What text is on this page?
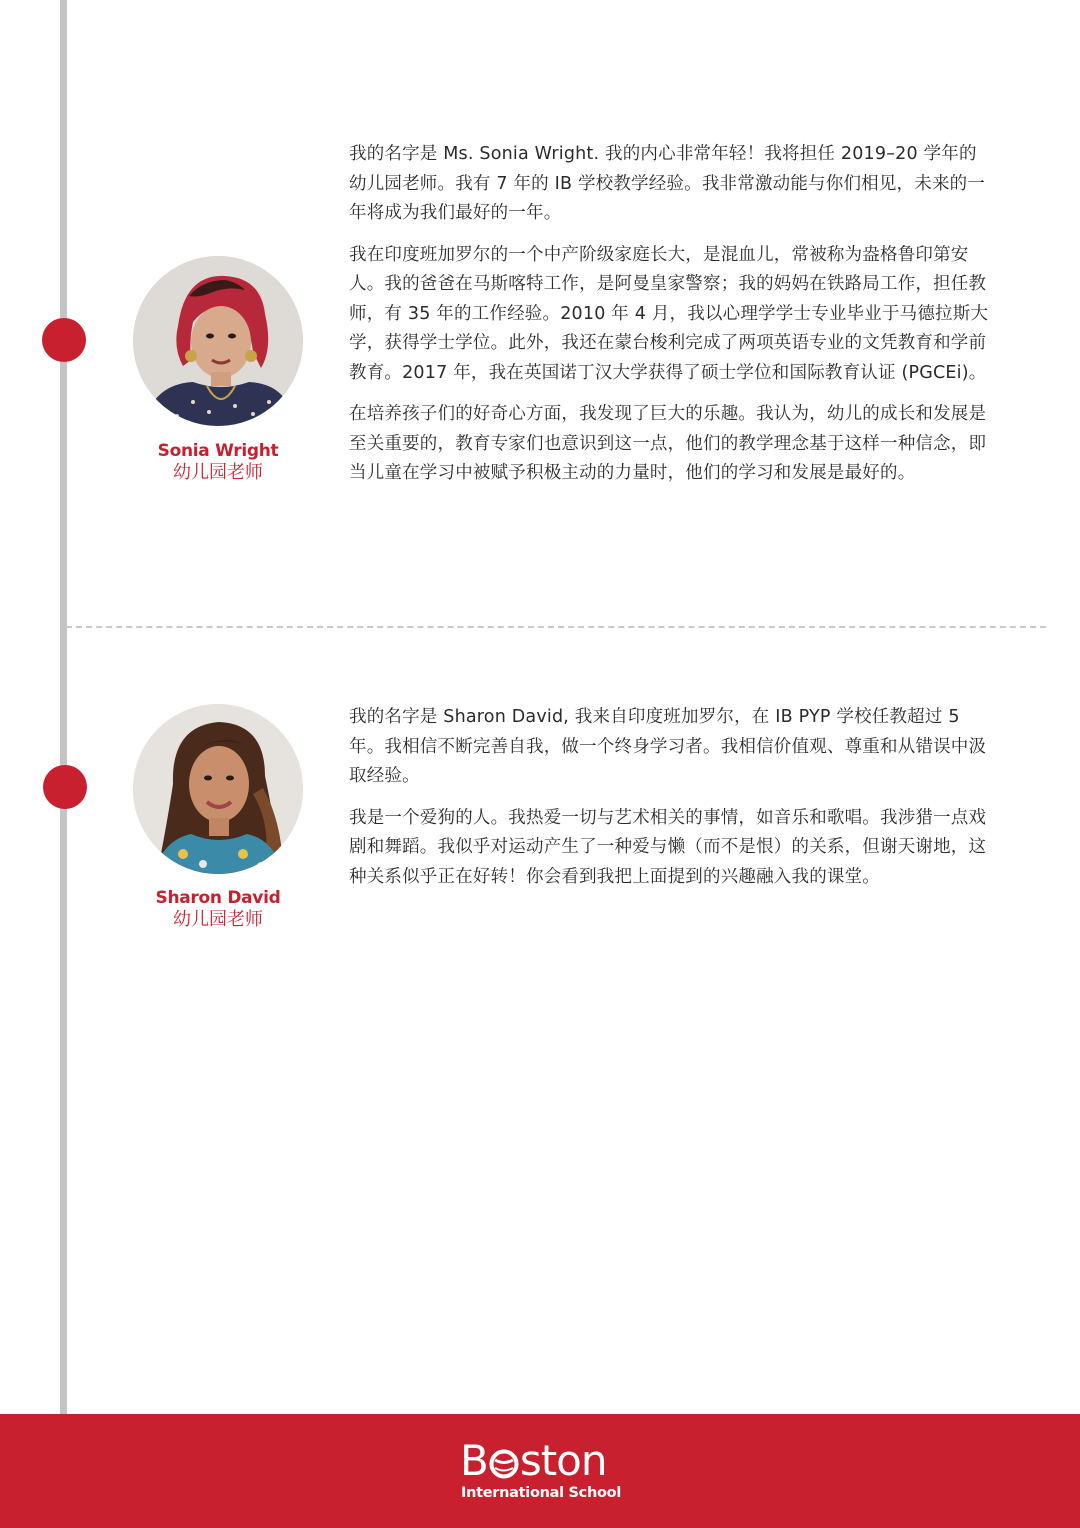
Sonia Wright
幼儿园老师

我的名字是 Ms. Sonia Wright. 我的内心非常年轻！我将担任 2019–20 学年的幼儿园老师。我有 7 年的 IB 学校教学经验。我非常激动能与你们相见，未来的一年将成为我们最好的一年。

我在印度班加罗尔的一个中产阶级家庭长大，是混血儿，常被称为盎格鲁印第安人。我的爸爸在马斯喀特工作，是阿曼皇家警察；我的妈妈在铁路局工作，担任教师，有 35 年的工作经验。2010 年 4 月，我以心理学学士专业毕业于马德拉斯大学，获得学士学位。此外，我还在蒙台梭利完成了两项英语专业的文凭教育和学前教育。2017 年，我在英国诺丁汉大学获得了硕士学位和国际教育认证 (PGCEi)。

在培养孩子们的好奇心方面，我发现了巨大的乐趣。我认为，幼儿的成长和发展是至关重要的，教育专家们也意识到这一点，他们的教学理念基于这样一种信念，即当儿童在学习中被赋予积极主动的力量时，他们的学习和发展是最好的。

Sharon David
幼儿园老师

我的名字是 Sharon David, 我来自印度班加罗尔，在 IB PYP 学校任教超过 5 年。我相信不断完善自我，做一个终身学习者。我相信价值观、尊重和从错误中汲取经验。

我是一个爱狗的人。我热爱一切与艺术相关的事情，如音乐和歌唱。我涉猎一点戏剧和舞蹈。我似乎对运动产生了一种爱与懒（而不是恨）的关系，但谢天谢地，这种关系似乎正在好转！你会看到我把上面提到的兴趣融入我的课堂。

B ston
International School
